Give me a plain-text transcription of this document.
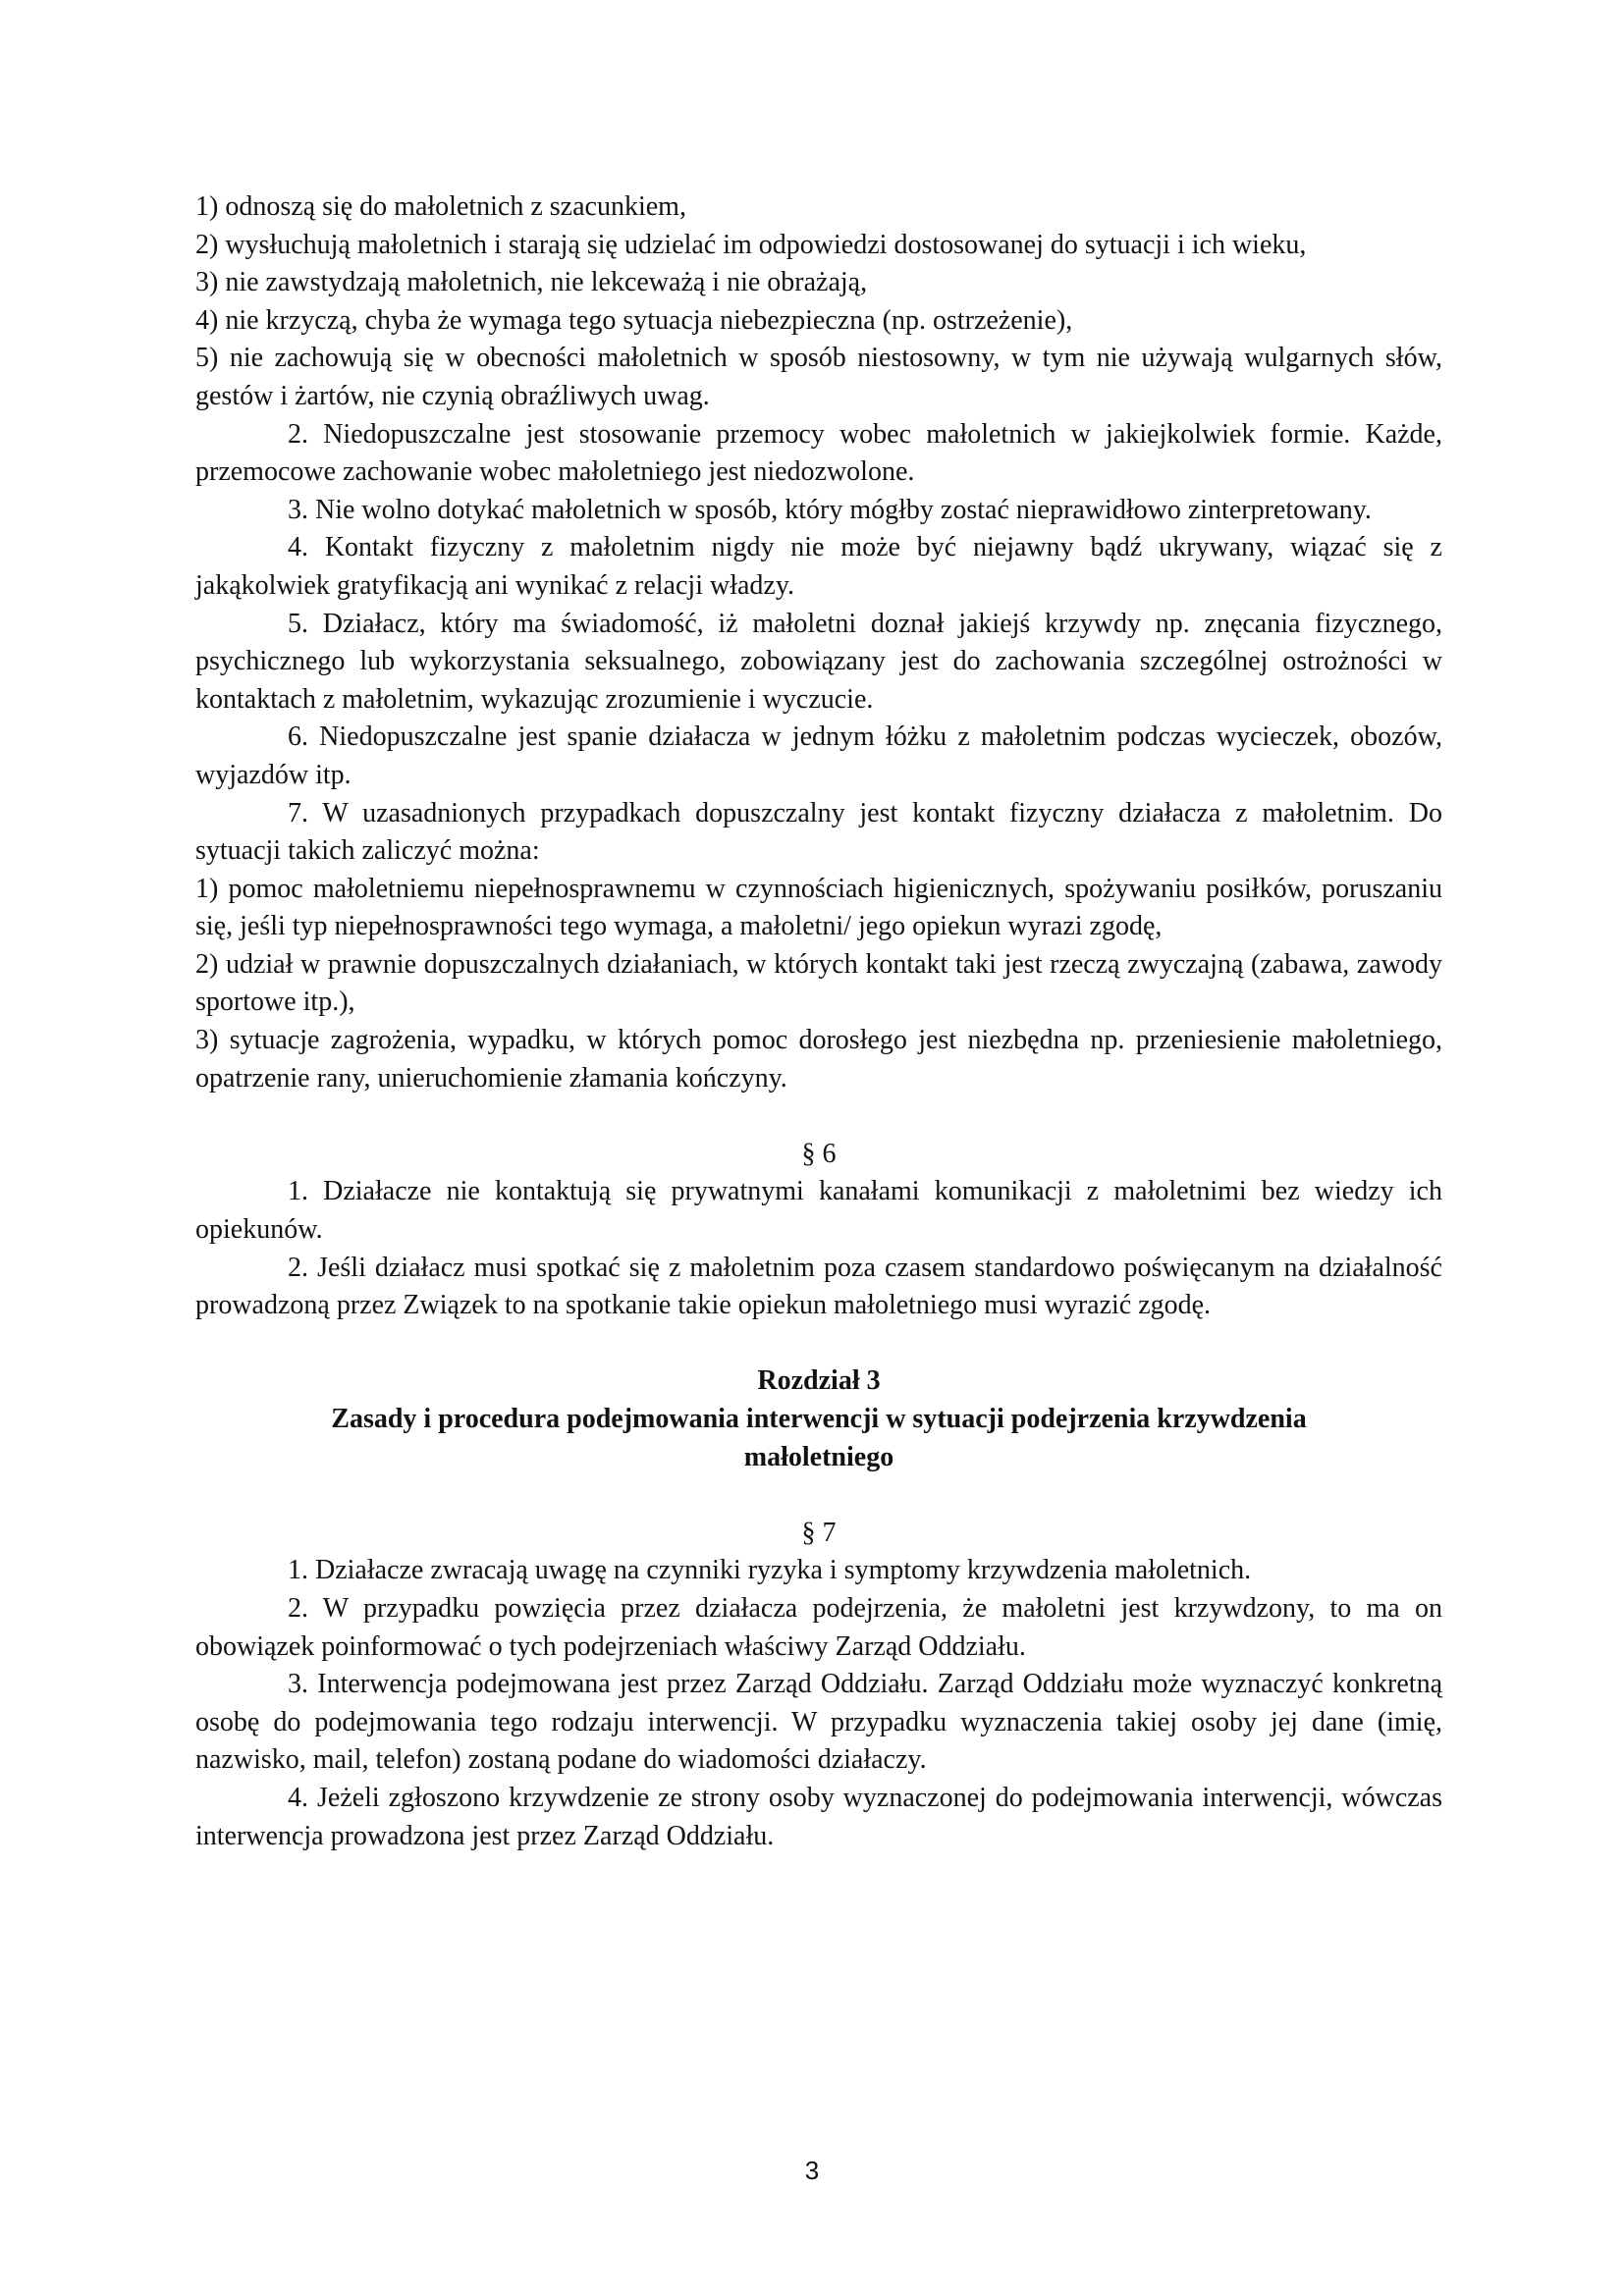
1) odnoszą się do małoletnich z szacunkiem,

2) wysłuchują małoletnich i starają się udzielać im odpowiedzi dostosowanej do sytuacji i ich wieku,

3) nie zawstydzają małoletnich, nie lekceważą i nie obrażają,

4) nie krzyczą, chyba że wymaga tego sytuacja niebezpieczna (np. ostrzeżenie),

5) nie zachowują się w obecności małoletnich w sposób niestosowny, w tym nie używają wulgarnych słów, gestów i żartów, nie czynią obraźliwych uwag.

2. Niedopuszczalne jest stosowanie przemocy wobec małoletnich w jakiejkolwiek formie. Każde, przemocowe zachowanie wobec małoletniego jest niedozwolone.

3. Nie wolno dotykać małoletnich w sposób, który mógłby zostać nieprawidłowo zinterpretowany.

4. Kontakt fizyczny z małoletnim nigdy nie może być niejawny bądź ukrywany, wiązać się z jakąkolwiek gratyfikacją ani wynikać z relacji władzy.

5. Działacz, który ma świadomość, iż małoletni doznał jakiejś krzywdy np. znęcania fizycznego, psychicznego lub wykorzystania seksualnego, zobowiązany jest do zachowania szczególnej ostrożności w kontaktach z małoletnim, wykazując zrozumienie i wyczucie.

6. Niedopuszczalne jest spanie działacza w jednym łóżku z małoletnim podczas wycieczek, obozów, wyjazdów itp.

7. W uzasadnionych przypadkach dopuszczalny jest kontakt fizyczny działacza z małoletnim. Do sytuacji takich zaliczyć można:

1) pomoc małoletniemu niepełnosprawnemu w czynnościach higienicznych, spożywaniu posiłków, poruszaniu się, jeśli typ niepełnosprawności tego wymaga, a małoletni/ jego opiekun wyrazi zgodę,

2) udział w prawnie dopuszczalnych działaniach, w których kontakt taki jest rzeczą zwyczajną (zabawa, zawody sportowe itp.),

3) sytuacje zagrożenia, wypadku, w których pomoc dorosłego jest niezbędna np. przeniesienie małoletniego, opatrzenie rany, unieruchomienie złamania kończyny.

§ 6

1. Działacze nie kontaktują się prywatnymi kanałami komunikacji z małoletnimi bez wiedzy ich opiekunów.

2. Jeśli działacz musi spotkać się z małoletnim poza czasem standardowo poświęcanym na działalność prowadzoną przez Związek to na spotkanie takie opiekun małoletniego musi wyrazić zgodę.

Rozdział 3

Zasady i procedura podejmowania interwencji w sytuacji podejrzenia krzywdzenia

małoletniego

§ 7

1. Działacze zwracają uwagę na czynniki ryzyka i symptomy krzywdzenia małoletnich.

2. W przypadku powzięcia przez działacza podejrzenia, że małoletni jest krzywdzony, to ma on obowiązek poinformować o tych podejrzeniach właściwy Zarząd Oddziału.

3. Interwencja podejmowana jest przez Zarząd Oddziału. Zarząd Oddziału może wyznaczyć konkretną osobę do podejmowania tego rodzaju interwencji. W przypadku wyznaczenia takiej osoby jej dane (imię, nazwisko, mail, telefon) zostaną podane do wiadomości działaczy.

4. Jeżeli zgłoszono krzywdzenie ze strony osoby wyznaczonej do podejmowania interwencji, wówczas interwencja prowadzona jest przez Zarząd Oddziału.

3
